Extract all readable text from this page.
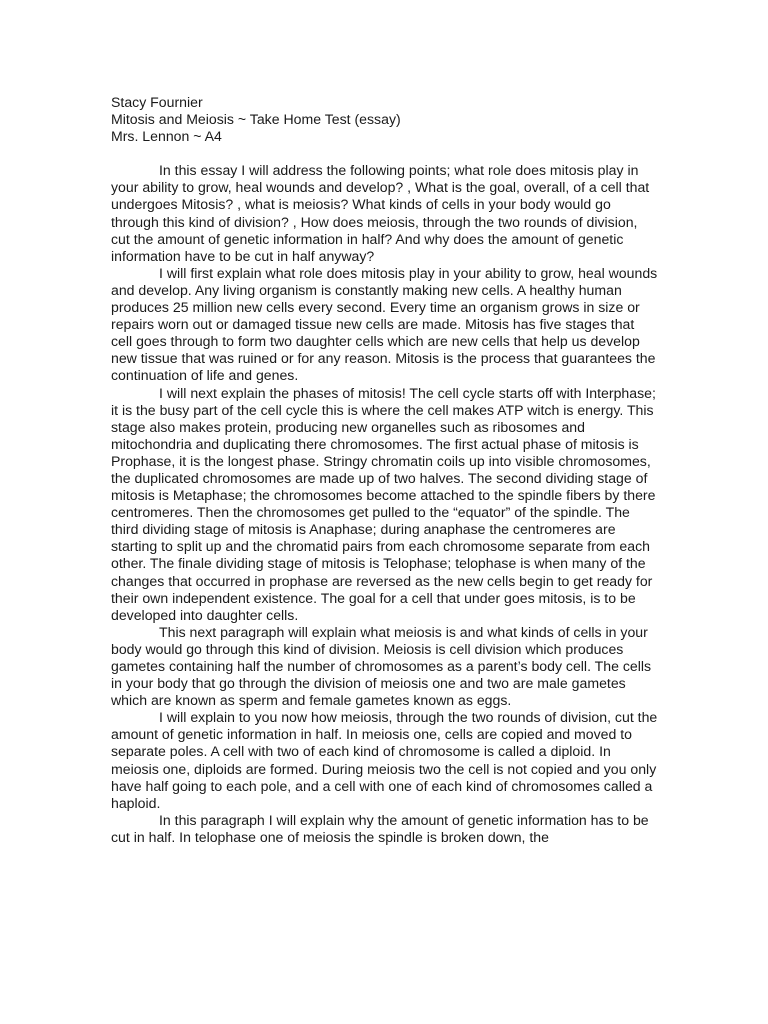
Stacy Fournier
Mitosis and Meiosis ~ Take Home Test (essay)
Mrs. Lennon ~ A4

In this essay I will address the following points; what role does mitosis play in your ability to grow, heal wounds and develop? , What is the goal, overall, of a cell that undergoes Mitosis? , what is meiosis? What kinds of cells in your body would go through this kind of division? , How does meiosis, through the two rounds of division, cut the amount of genetic information in half? And why does the amount of genetic information have to be cut in half anyway?

I will first explain what role does mitosis play in your ability to grow, heal wounds and develop. Any living organism is constantly making new cells. A healthy human produces 25 million new cells every second. Every time an organism grows in size or repairs worn out or damaged tissue new cells are made. Mitosis has five stages that cell goes through to form two daughter cells which are new cells that help us develop new tissue that was ruined or for any reason. Mitosis is the process that guarantees the continuation of life and genes.

I will next explain the phases of mitosis! The cell cycle starts off with Interphase; it is the busy part of the cell cycle this is where the cell makes ATP witch is energy. This stage also makes protein, producing new organelles such as ribosomes and mitochondria and duplicating there chromosomes. The first actual phase of mitosis is Prophase, it is the longest phase. Stringy chromatin coils up into visible chromosomes, the duplicated chromosomes are made up of two halves. The second dividing stage of mitosis is Metaphase; the chromosomes become attached to the spindle fibers by there centromeres. Then the chromosomes get pulled to the “equator” of the spindle. The third dividing stage of mitosis is Anaphase; during anaphase the centromeres are starting to split up and the chromatid pairs from each chromosome separate from each other. The finale dividing stage of mitosis is Telophase; telophase is when many of the changes that occurred in prophase are reversed as the new cells begin to get ready for their own independent existence. The goal for a cell that under goes mitosis, is to be developed into daughter cells.

This next paragraph will explain what meiosis is and what kinds of cells in your body would go through this kind of division. Meiosis is cell division which produces gametes containing half the number of chromosomes as a parent’s body cell. The cells in your body that go through the division of meiosis one and two are male gametes which are known as sperm and female gametes known as eggs.

I will explain to you now how meiosis, through the two rounds of division, cut the amount of genetic information in half. In meiosis one, cells are copied and moved to separate poles. A cell with two of each kind of chromosome is called a diploid. In meiosis one, diploids are formed. During meiosis two the cell is not copied and you only have half going to each pole, and a cell with one of each kind of chromosomes called a haploid.

In this paragraph I will explain why the amount of genetic information has to be cut in half. In telophase one of meiosis the spindle is broken down, the
